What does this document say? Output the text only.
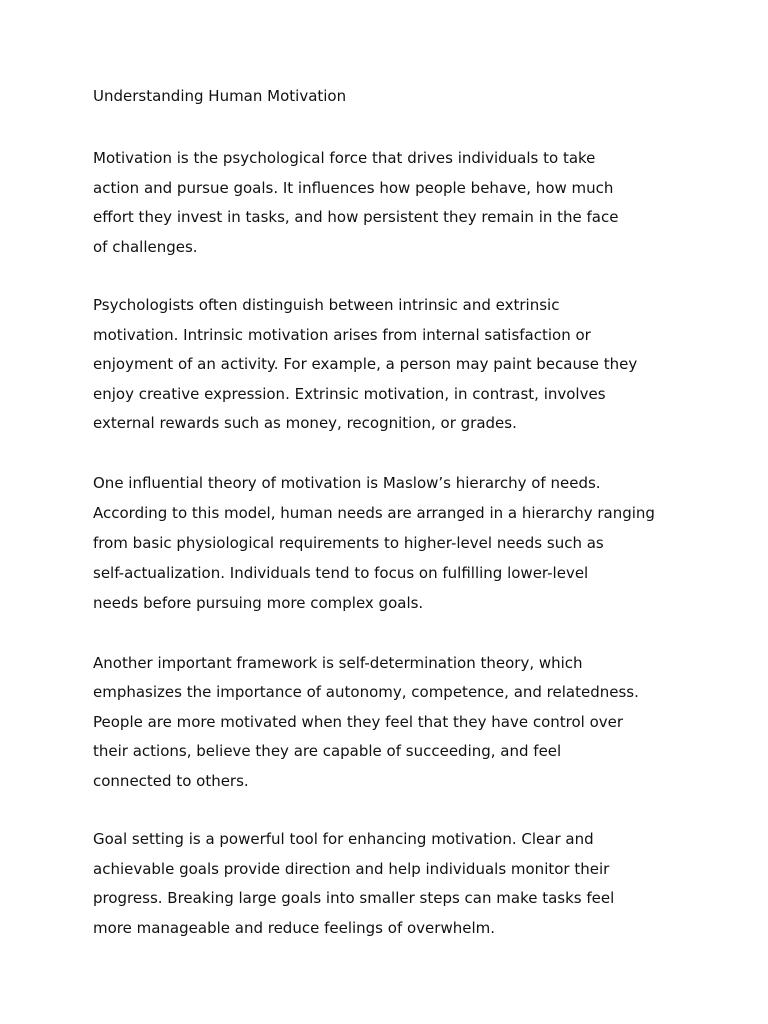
Understanding Human Motivation

Motivation is the psychological force that drives individuals to take
action and pursue goals. It influences how people behave, how much
effort they invest in tasks, and how persistent they remain in the face
of challenges.

Psychologists often distinguish between intrinsic and extrinsic
motivation. Intrinsic motivation arises from internal satisfaction or
enjoyment of an activity. For example, a person may paint because they
enjoy creative expression. Extrinsic motivation, in contrast, involves
external rewards such as money, recognition, or grades.

One influential theory of motivation is Maslow’s hierarchy of needs.
According to this model, human needs are arranged in a hierarchy ranging
from basic physiological requirements to higher-level needs such as
self-actualization. Individuals tend to focus on fulfilling lower-level
needs before pursuing more complex goals.

Another important framework is self-determination theory, which
emphasizes the importance of autonomy, competence, and relatedness.
People are more motivated when they feel that they have control over
their actions, believe they are capable of succeeding, and feel
connected to others.

Goal setting is a powerful tool for enhancing motivation. Clear and
achievable goals provide direction and help individuals monitor their
progress. Breaking large goals into smaller steps can make tasks feel
more manageable and reduce feelings of overwhelm.
